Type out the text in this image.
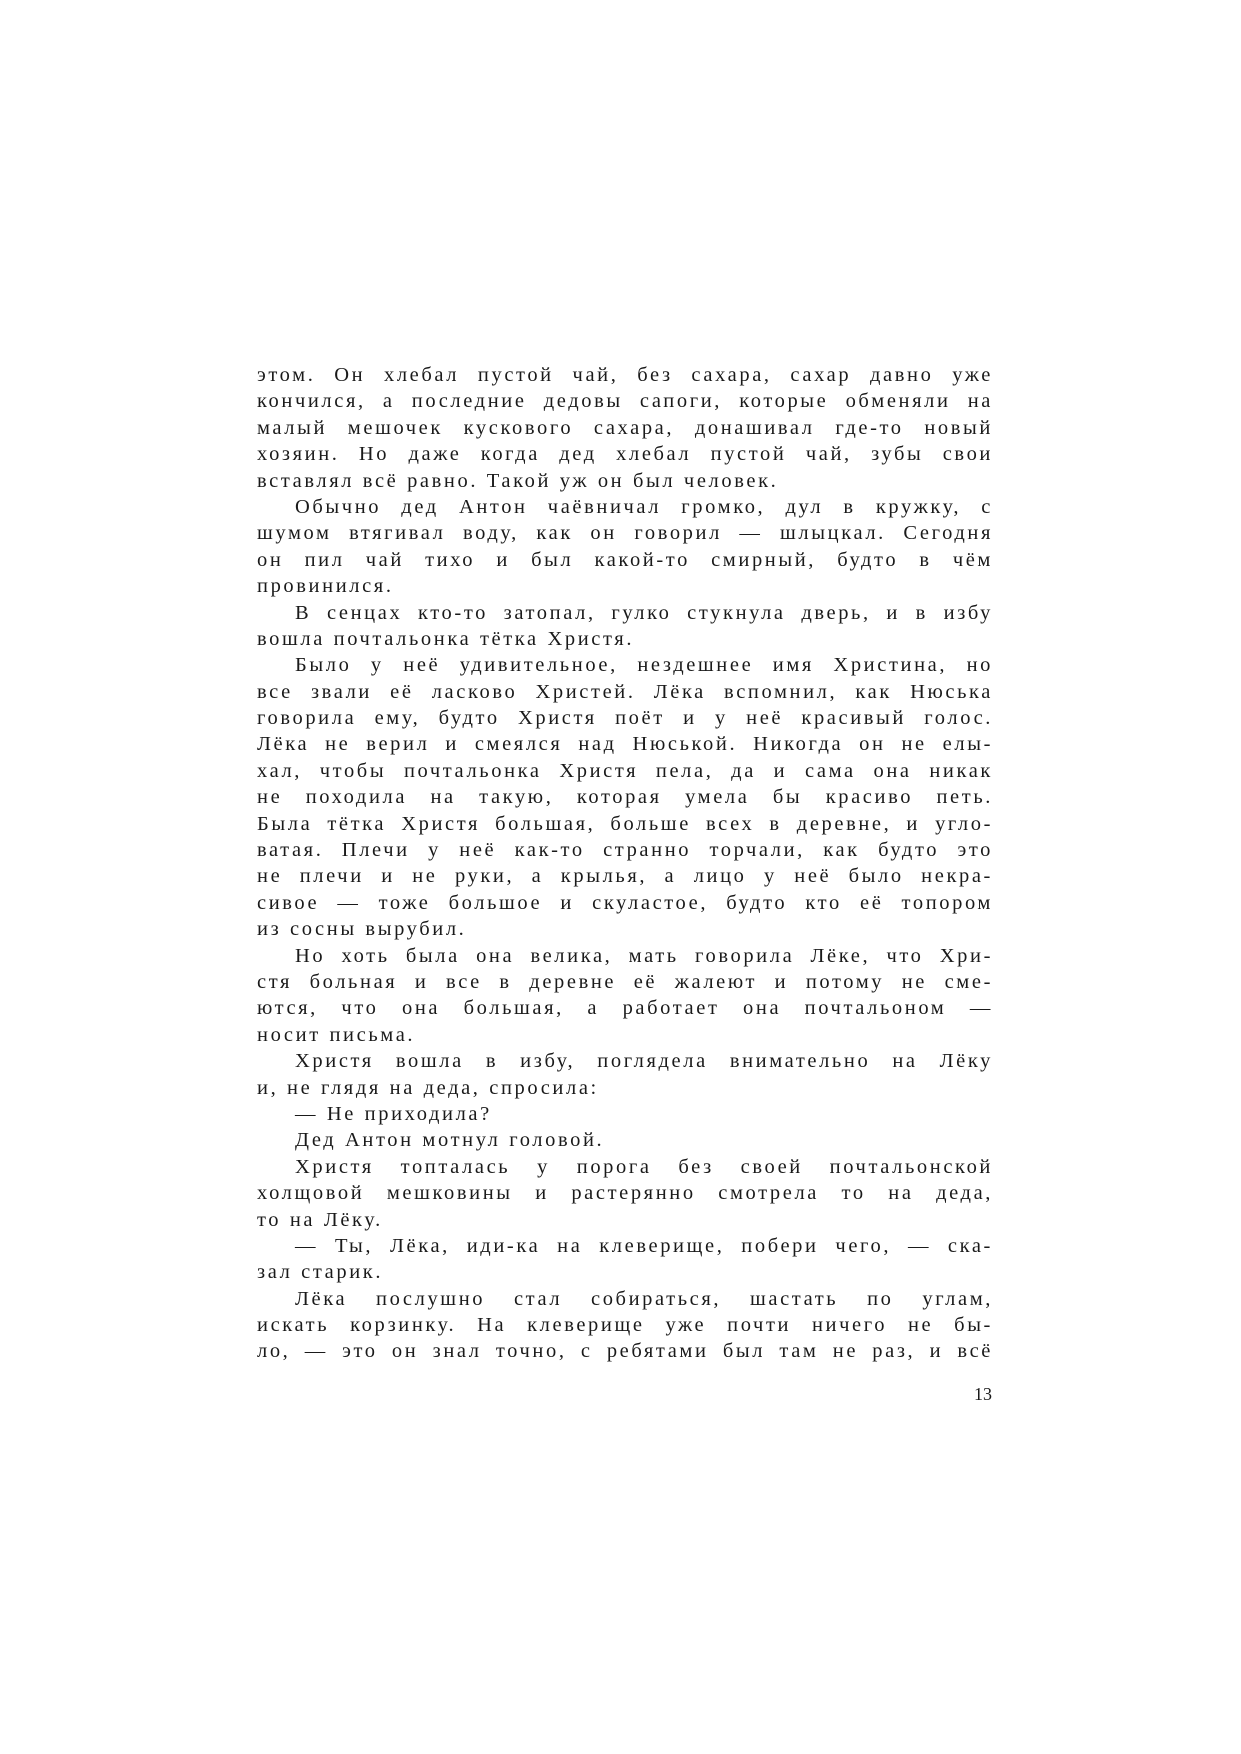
этом. Он хлебал пустой чай, без сахара, сахар давно уже
кончился, а последние дедовы сапоги, которые обменяли на
малый мешочек кускового сахара, донашивал где-то новый
хозяин. Но даже когда дед хлебал пустой чай, зубы свои
вставлял всё равно. Такой уж он был человек.
Обычно дед Антон чаёвничал громко, дул в кружку, с
шумом втягивал воду, как он говорил — шлыцкал. Сегодня
он пил чай тихо и был какой-то смирный, будто в чём
провинился.
В сенцах кто-то затопал, гулко стукнула дверь, и в избу
вошла почтальонка тётка Христя.
Было у неё удивительное, нездешнее имя Христина, но
все звали её ласково Христей. Лёка вспомнил, как Нюська
говорила ему, будто Христя поёт и у неё красивый голос.
Лёка не верил и смеялся над Нюськой. Никогда он не елы-
хал, чтобы почтальонка Христя пела, да и сама она никак
не походила на такую, которая умела бы красиво петь.
Была тётка Христя большая, больше всех в деревне, и угло-
ватая. Плечи у неё как-то странно торчали, как будто это
не плечи и не руки, а крылья, а лицо у неё было некра-
сивое — тоже большое и скуластое, будто кто её топором
из сосны вырубил.
Но хоть была она велика, мать говорила Лёке, что Хри-
стя больная и все в деревне её жалеют и потому не сме-
ются, что она большая, а работает она почтальоном —
носит письма.
Христя вошла в избу, поглядела внимательно на Лёку
и, не глядя на деда, спросила:
— Не приходила?
Дед Антон мотнул головой.
Христя топталась у порога без своей почтальонской
холщовой мешковины и растерянно смотрела то на деда,
то на Лёку.
— Ты, Лёка, иди-ка на клеверище, побери чего, — ска-
зал старик.
Лёка послушно стал собираться, шастать по углам,
искать корзинку. На клеверище уже почти ничего не бы-
ло, — это он знал точно, с ребятами был там не раз, и всё
13
